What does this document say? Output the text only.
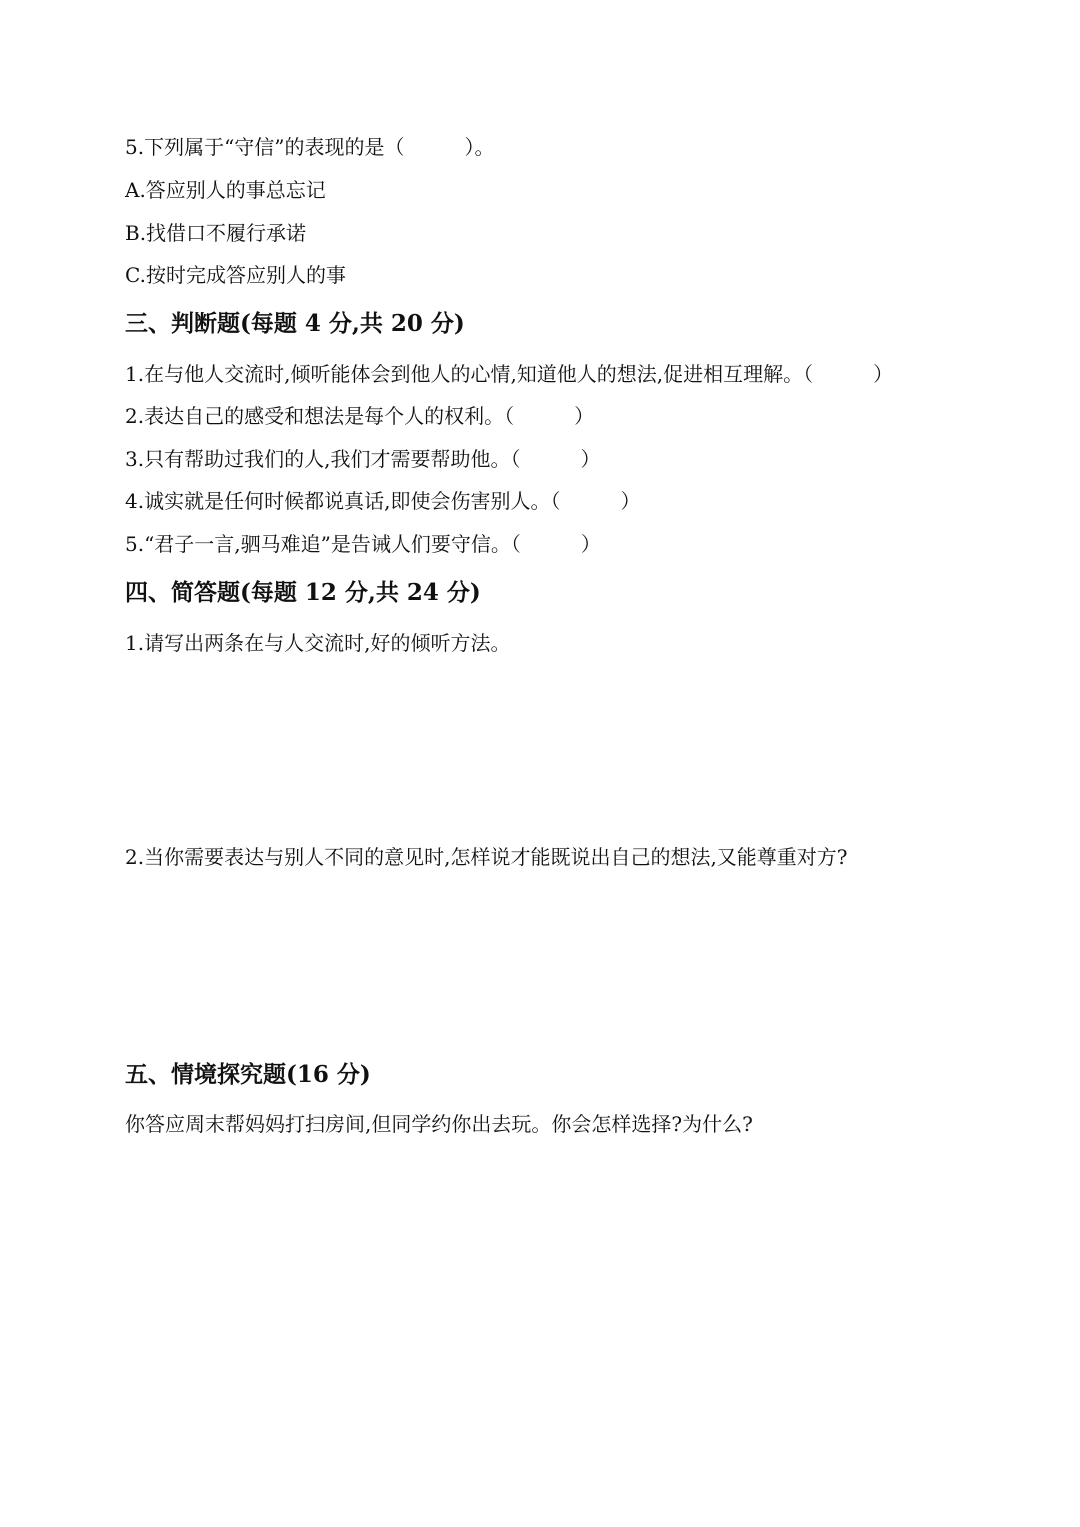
5.下列属于“守信”的表现的是（　　　）。
A.答应别人的事总忘记
B.找借口不履行承诺
C.按时完成答应别人的事
三、判断题(每题 4 分,共 20 分)
1.在与他人交流时,倾听能体会到他人的心情,知道他人的想法,促进相互理解。（　　　）
2.表达自己的感受和想法是每个人的权利。（　　　）
3.只有帮助过我们的人,我们才需要帮助他。（　　　）
4.诚实就是任何时候都说真话,即使会伤害别人。（　　　）
5.“君子一言,驷马难追”是告诫人们要守信。（　　　）
四、简答题(每题 12 分,共 24 分)
1.请写出两条在与人交流时,好的倾听方法。
2.当你需要表达与别人不同的意见时,怎样说才能既说出自己的想法,又能尊重对方?
五、情境探究题(16 分)
你答应周末帮妈妈打扫房间,但同学约你出去玩。你会怎样选择?为什么?
